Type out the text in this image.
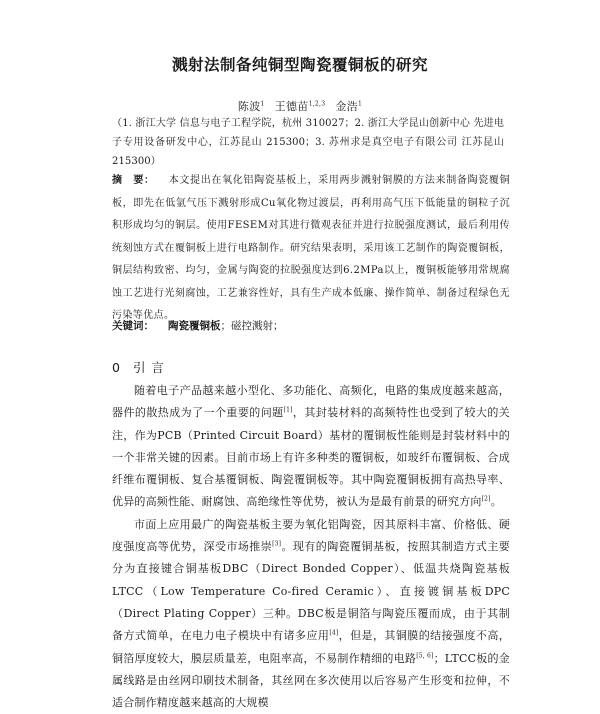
溅射法制备纯铜型陶瓷覆铜板的研究
陈波$^1$ 王德苗$^{1,2,3}$ 金浩$^1$
（1. 浙江大学 信息与电子工程学院，杭州 310027；2. 浙江大学昆山创新中心 先进电子专用设备研发中心，江苏昆山 215300；3. 苏州求是真空电子有限公司 江苏昆山 215300）
摘　要： 本文提出在氧化铝陶瓷基板上，采用两步溅射铜膜的方法来制备陶瓷覆铜板，即先在低氩气压下溅射形成Cu氧化物过渡层，再利用高气压下低能量的铜粒子沉积形成均匀的铜层。使用FESEM对其进行微观表征并进行拉脱强度测试，最后利用传统刻蚀方式在覆铜板上进行电路制作。研究结果表明，采用该工艺制作的陶瓷覆铜板，铜层结构致密、均匀，金属与陶瓷的拉脱强度达到6.2MPa以上，覆铜板能够用常规腐蚀工艺进行光刻腐蚀，工艺兼容性好，具有生产成本低廉、操作简单、制备过程绿色无污染等优点。
关键词： 陶瓷覆铜板；磁控溅射；
0 引 言

随着电子产品越来越小型化、多功能化、高频化，电路的集成度越来越高，器件的散热成为了一个重要的问题[1]，其封装材料的高频特性也受到了较大的关注，作为PCB（Printed Circuit Board）基材的覆铜板性能则是封装材料中的一个非常关键的因素。目前市场上有许多种类的覆铜板，如玻纤布覆铜板、合成纤维布覆铜板、复合基覆铜板、陶瓷覆铜板等。其中陶瓷覆铜板拥有高热导率、优异的高频性能、耐腐蚀、高绝缘性等优势，被认为是最有前景的研究方向[2]。

市面上应用最广的陶瓷基板主要为氧化铝陶瓷，因其原料丰富、价格低、硬度强度高等优势，深受市场推崇[3]。现有的陶瓷覆铜基板，按照其制造方式主要分为直接键合铜基板DBC（Direct Bonded Copper）、低温共烧陶瓷基板LTCC（Low Temperature Co-fired Ceramic）、直接镀铜基板DPC（Direct Plating Copper）三种。DBC板是铜箔与陶瓷压覆而成，由于其制备方式简单，在电力电子模块中有诸多应用[4]，但是，其铜膜的结接强度不高，铜箔厚度较大，膜层质量差，电阻率高，不易制作精细的电路[5, 6]；LTCC板的金属线路是由丝网印刷技术制备，其丝网在多次使用以后容易产生形变和拉伸，不适合制作精度越来越高的大规模
